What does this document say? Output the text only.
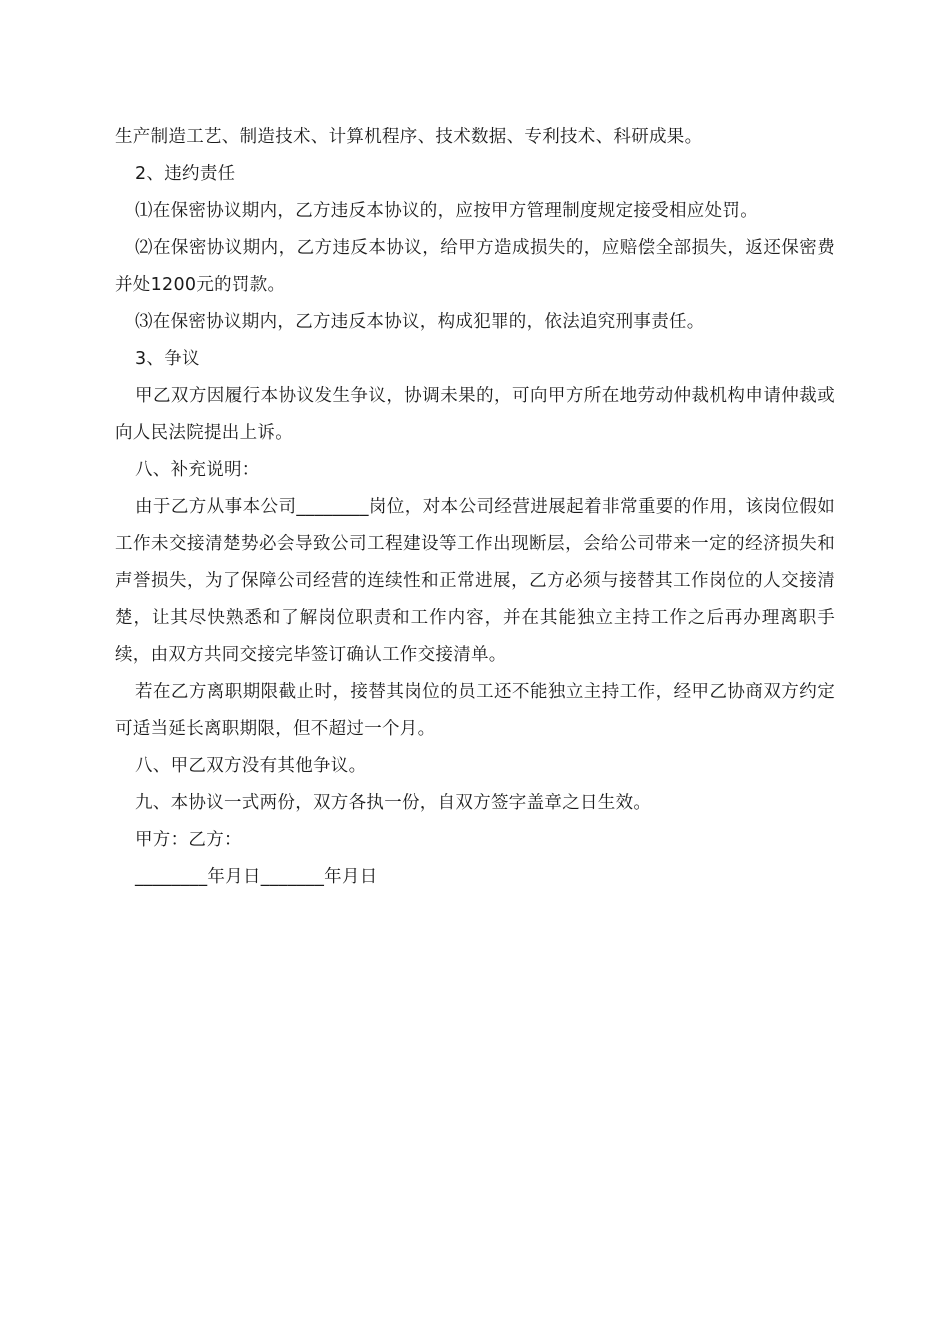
生产制造工艺、制造技术、计算机程序、技术数据、专利技术、科研成果。

2、违约责任

⑴在保密协议期内，乙方违反本协议的，应按甲方管理制度规定接受相应处罚。

⑵在保密协议期内，乙方违反本协议，给甲方造成损失的，应赔偿全部损失，返还保密费并处1200元的罚款。

⑶在保密协议期内，乙方违反本协议，构成犯罪的，依法追究刑事责任。

3、争议

甲乙双方因履行本协议发生争议，协调未果的，可向甲方所在地劳动仲裁机构申请仲裁或向人民法院提出上诉。

八、补充说明：

由于乙方从事本公司________岗位，对本公司经营进展起着非常重要的作用，该岗位假如工作未交接清楚势必会导致公司工程建设等工作出现断层，会给公司带来一定的经济损失和声誉损失，为了保障公司经营的连续性和正常进展，乙方必须与接替其工作岗位的人交接清楚，让其尽快熟悉和了解岗位职责和工作内容，并在其能独立主持工作之后再办理离职手续，由双方共同交接完毕签订确认工作交接清单。

若在乙方离职期限截止时，接替其岗位的员工还不能独立主持工作，经甲乙协商双方约定可适当延长离职期限，但不超过一个月。

八、甲乙双方没有其他争议。

九、本协议一式两份，双方各执一份，自双方签字盖章之日生效。

甲方：乙方：

________年月日_______年月日
